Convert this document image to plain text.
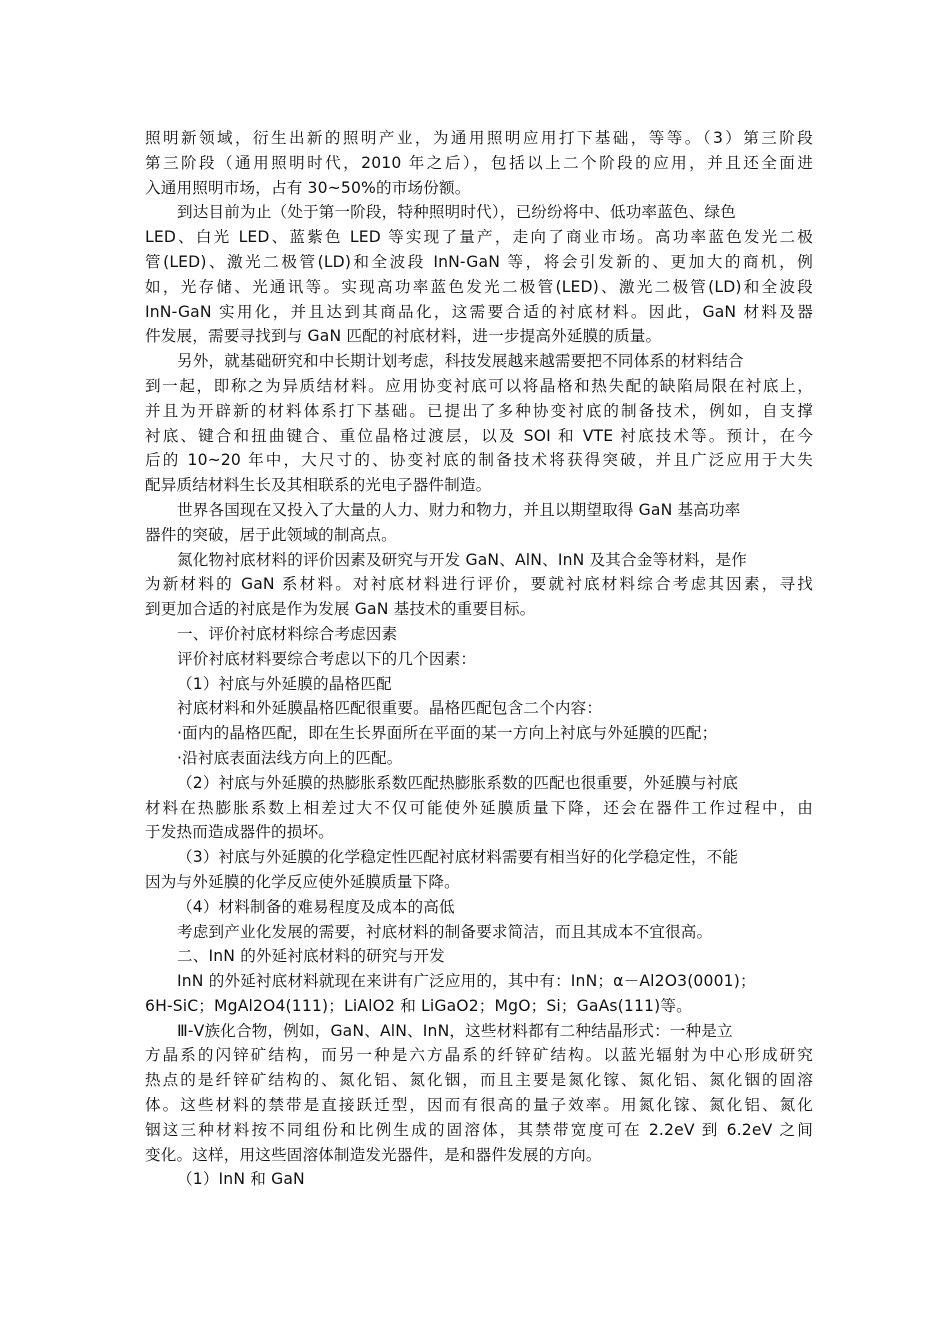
照明新领域，衍生出新的照明产业，为通用照明应用打下基础，等等。（3）第三阶段
第三阶段（通用照明时代，2010 年之后），包括以上二个阶段的应用，并且还全面进
入通用照明市场，占有 30~50%的市场份额。
到达目前为止（处于第一阶段，特种照明时代），已纷纷将中、低功率蓝色、绿色
LED、白光 LED、蓝紫色 LED 等实现了量产，走向了商业市场。高功率蓝色发光二极
管(LED)、激光二极管(LD)和全波段 InN-GaN 等，将会引发新的、更加大的商机，例
如，光存储、光通讯等。实现高功率蓝色发光二极管(LED)、激光二极管(LD)和全波段
InN-GaN 实用化，并且达到其商品化，这需要合适的衬底材料。因此，GaN 材料及器
件发展，需要寻找到与 GaN 匹配的衬底材料，进一步提高外延膜的质量。
另外，就基础研究和中长期计划考虑，科技发展越来越需要把不同体系的材料结合
到一起，即称之为异质结材料。应用协变衬底可以将晶格和热失配的缺陷局限在衬底上，
并且为开辟新的材料体系打下基础。已提出了多种协变衬底的制备技术，例如，自支撑
衬底、键合和扭曲键合、重位晶格过渡层，以及 SOI 和 VTE 衬底技术等。预计，在今
后的 10~20 年中，大尺寸的、协变衬底的制备技术将获得突破，并且广泛应用于大失
配异质结材料生长及其相联系的光电子器件制造。
世界各国现在又投入了大量的人力、财力和物力，并且以期望取得 GaN 基高功率
器件的突破，居于此领域的制高点。
氮化物衬底材料的评价因素及研究与开发 GaN、AlN、InN 及其合金等材料，是作
为新材料的 GaN 系材料。对衬底材料进行评价，要就衬底材料综合考虑其因素，寻找
到更加合适的衬底是作为发展 GaN 基技术的重要目标。
一、评价衬底材料综合考虑因素
评价衬底材料要综合考虑以下的几个因素：
（1）衬底与外延膜的晶格匹配
衬底材料和外延膜晶格匹配很重要。晶格匹配包含二个内容：
·面内的晶格匹配，即在生长界面所在平面的某一方向上衬底与外延膜的匹配；
·沿衬底表面法线方向上的匹配。
（2）衬底与外延膜的热膨胀系数匹配热膨胀系数的匹配也很重要，外延膜与衬底
材料在热膨胀系数上相差过大不仅可能使外延膜质量下降，还会在器件工作过程中，由
于发热而造成器件的损坏。
（3）衬底与外延膜的化学稳定性匹配衬底材料需要有相当好的化学稳定性，不能
因为与外延膜的化学反应使外延膜质量下降。
（4）材料制备的难易程度及成本的高低
考虑到产业化发展的需要，衬底材料的制备要求简洁，而且其成本不宜很高。
二、InN 的外延衬底材料的研究与开发
InN 的外延衬底材料就现在来讲有广泛应用的，其中有：InN；α－Al2O3(0001)；
6H-SiC；MgAl2O4(111)；LiAlO2 和 LiGaO2；MgO；Si；GaAs(111)等。
Ⅲ-Ⅴ族化合物，例如，GaN、AlN、InN，这些材料都有二种结晶形式：一种是立
方晶系的闪锌矿结构，而另一种是六方晶系的纤锌矿结构。以蓝光辐射为中心形成研究
热点的是纤锌矿结构的、氮化铝、氮化铟，而且主要是氮化镓、氮化铝、氮化铟的固溶
体。这些材料的禁带是直接跃迁型，因而有很高的量子效率。用氮化镓、氮化铝、氮化
铟这三种材料按不同组份和比例生成的固溶体，其禁带宽度可在 2.2eV 到 6.2eV 之间
变化。这样，用这些固溶体制造发光器件，是和器件发展的方向。
（1）InN 和 GaN
